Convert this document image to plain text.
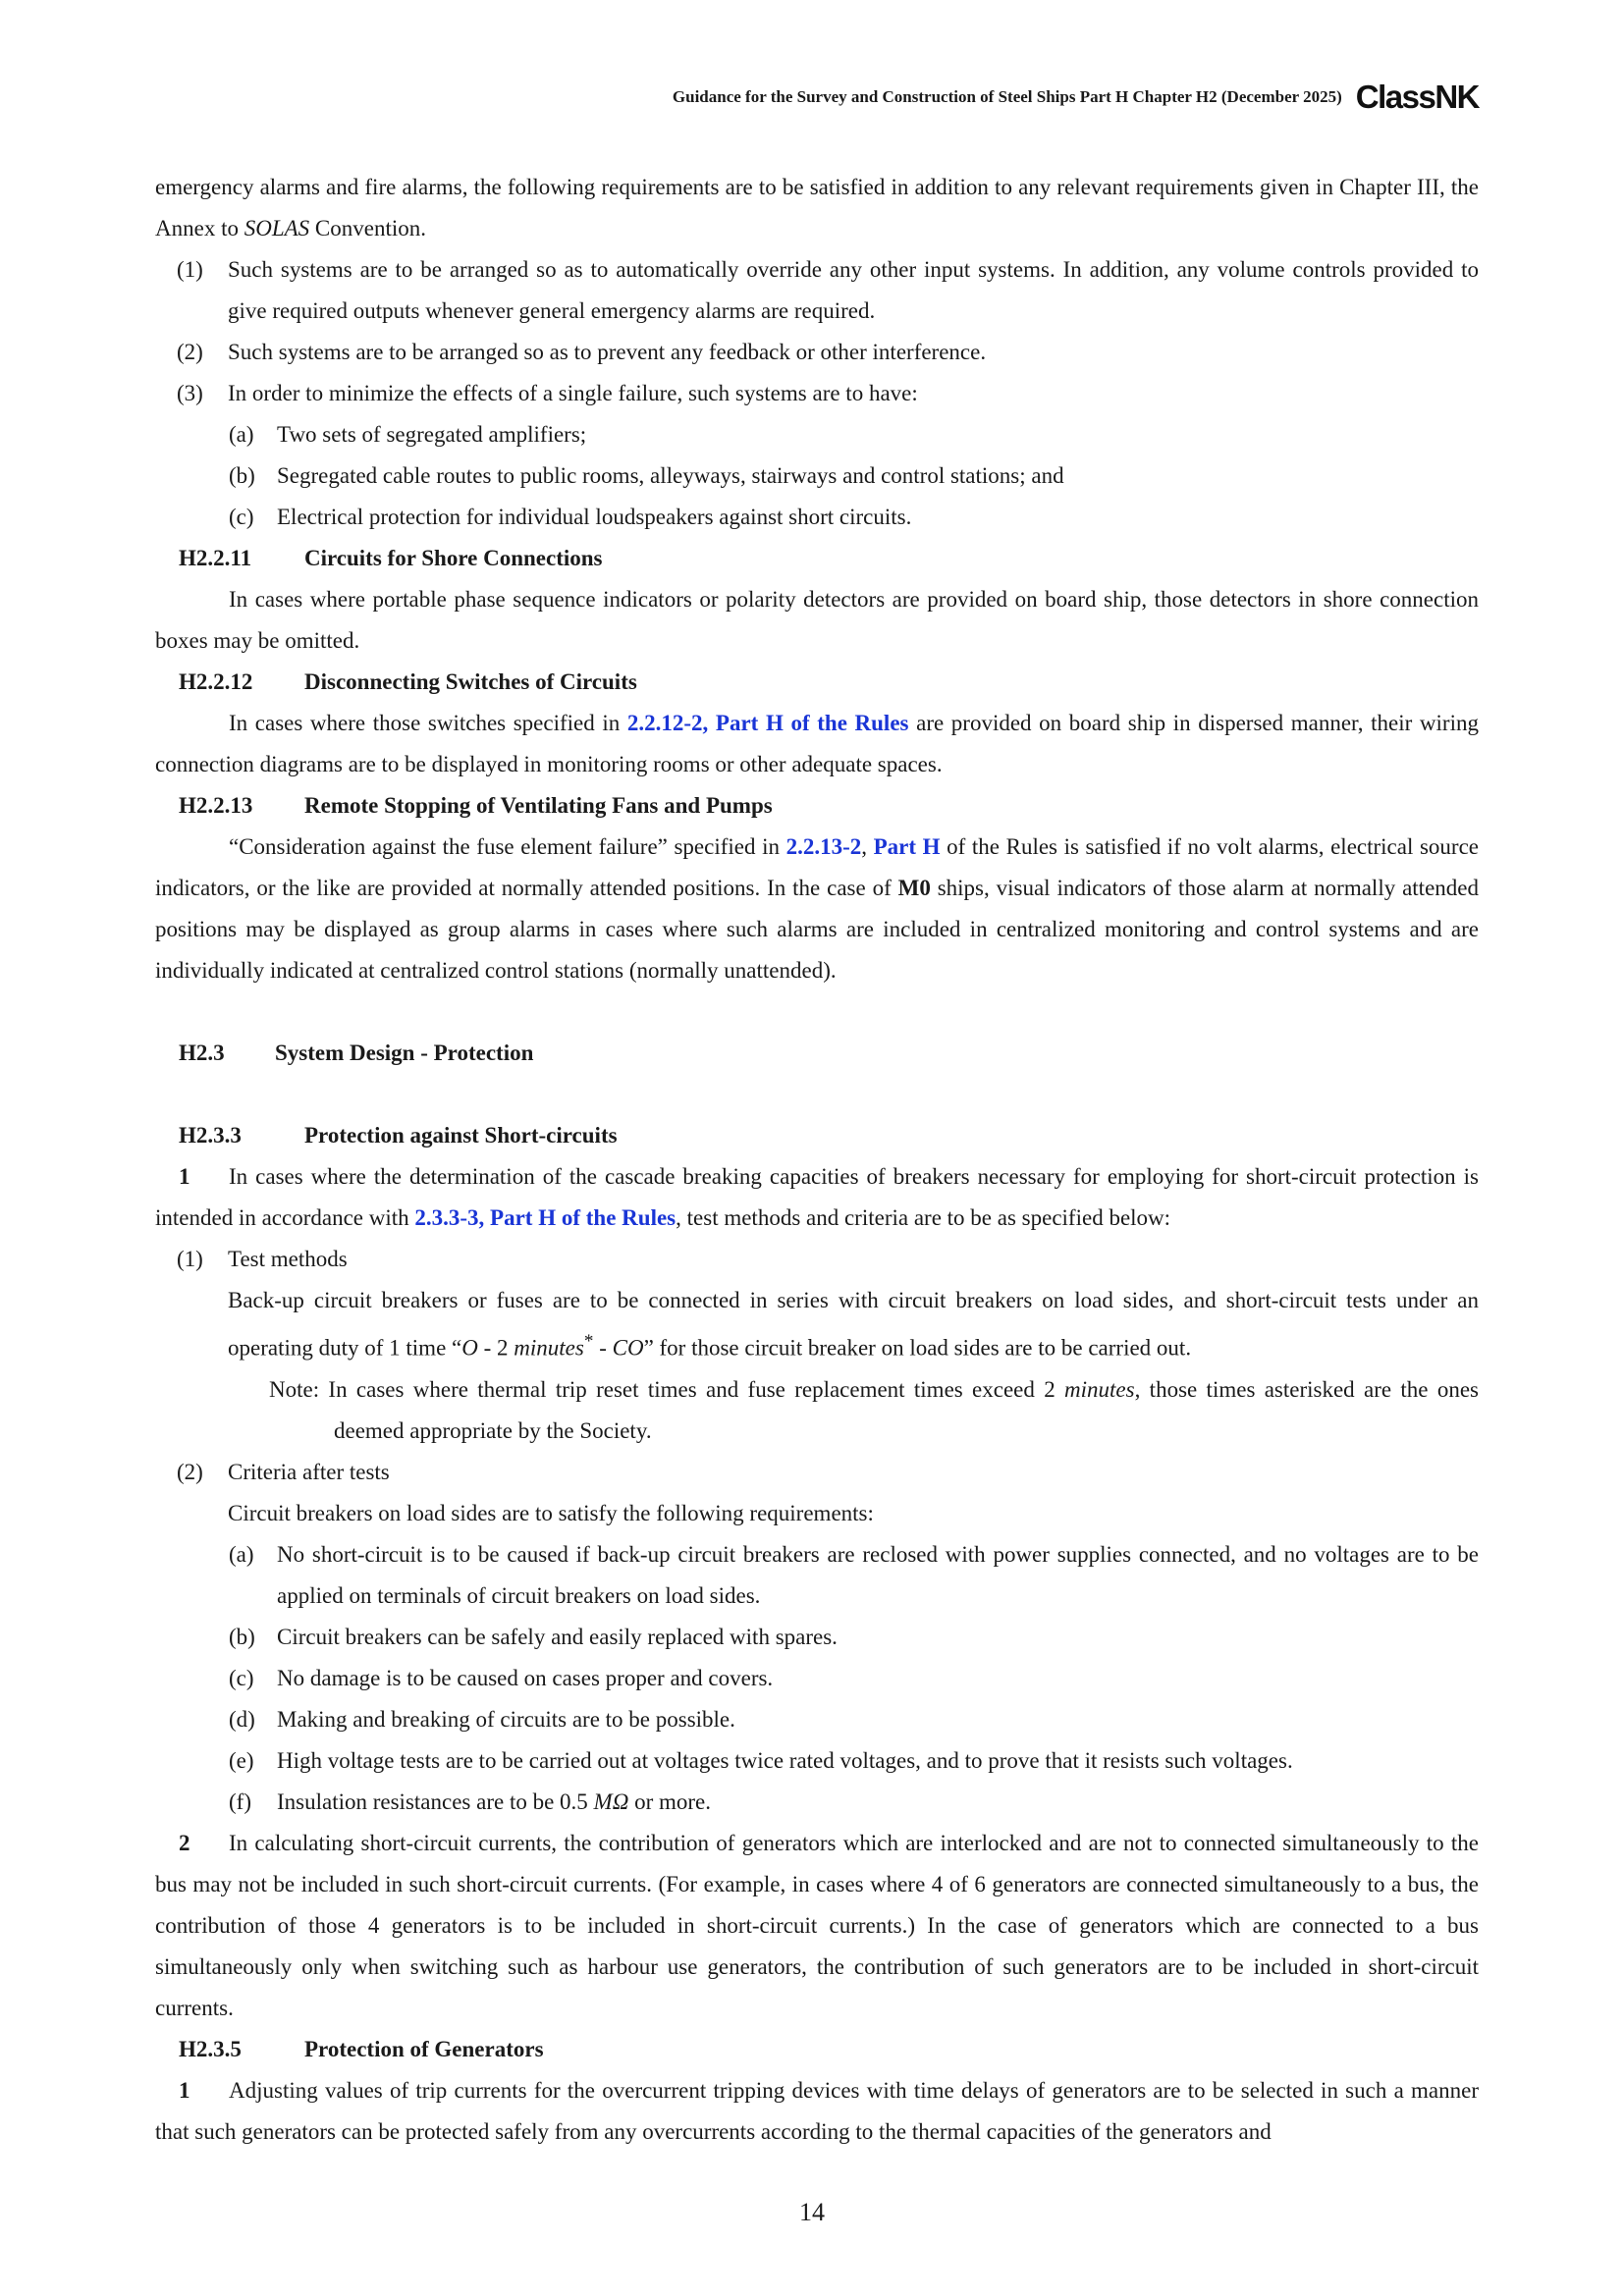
Guidance for the Survey and Construction of Steel Ships Part H Chapter H2 (December 2025) ClassNK

emergency alarms and fire alarms, the following requirements are to be satisfied in addition to any relevant requirements given in Chapter III, the Annex to SOLAS Convention.

(1) Such systems are to be arranged so as to automatically override any other input systems. In addition, any volume controls provided to give required outputs whenever general emergency alarms are required.
(2) Such systems are to be arranged so as to prevent any feedback or other interference.
(3) In order to minimize the effects of a single failure, such systems are to have:
(a) Two sets of segregated amplifiers;
(b) Segregated cable routes to public rooms, alleyways, stairways and control stations; and
(c) Electrical protection for individual loudspeakers against short circuits.
H2.2.11 Circuits for Shore Connections

In cases where portable phase sequence indicators or polarity detectors are provided on board ship, those detectors in shore connection boxes may be omitted.

H2.2.12 Disconnecting Switches of Circuits

In cases where those switches specified in 2.2.12-2, Part H of the Rules are provided on board ship in dispersed manner, their wiring connection diagrams are to be displayed in monitoring rooms or other adequate spaces.

H2.2.13 Remote Stopping of Ventilating Fans and Pumps

“Consideration against the fuse element failure” specified in 2.2.13-2, Part H of the Rules is satisfied if no volt alarms, electrical source indicators, or the like are provided at normally attended positions. In the case of M0 ships, visual indicators of those alarm at normally attended positions may be displayed as group alarms in cases where such alarms are included in centralized monitoring and control systems and are individually indicated at centralized control stations (normally unattended).

H2.3 System Design - Protection
H2.3.3	Protection against Short-circuits

1 In cases where the determination of the cascade breaking capacities of breakers necessary for employing for short-circuit protection is intended in accordance with 2.3.3-3, Part H of the Rules, test methods and criteria are to be as specified below:

(1) Test methods

Back-up circuit breakers or fuses are to be connected in series with circuit breakers on load sides, and short-circuit tests under an operating duty of 1 time “O - 2 minutes* - CO” for those circuit breaker on load sides are to be carried out.

Note: In cases where thermal trip reset times and fuse replacement times exceed 2 minutes, those times asterisked are the ones deemed appropriate by the Society.

(2) Criteria after tests

Circuit breakers on load sides are to satisfy the following requirements:

(a) No short-circuit is to be caused if back-up circuit breakers are reclosed with power supplies connected, and no voltages are to be applied on terminals of circuit breakers on load sides.
(b) Circuit breakers can be safely and easily replaced with spares.
(c) No damage is to be caused on cases proper and covers.
(d) Making and breaking of circuits are to be possible.
(e) High voltage tests are to be carried out at voltages twice rated voltages, and to prove that it resists such voltages.
(f) Insulation resistances are to be 0.5 MΩ or more.

2 In calculating short-circuit currents, the contribution of generators which are interlocked and are not to connected simultaneously to the bus may not be included in such short-circuit currents. (For example, in cases where 4 of 6 generators are connected simultaneously to a bus, the contribution of those 4 generators is to be included in short-circuit currents.) In the case of generators which are connected to a bus simultaneously only when switching such as harbour use generators, the contribution of such generators are to be included in short-circuit currents.

H2.3.5	Protection of Generators

1 Adjusting values of trip currents for the overcurrent tripping devices with time delays of generators are to be selected in such a manner that such generators can be protected safely from any overcurrents according to the thermal capacities of the generators and

14
